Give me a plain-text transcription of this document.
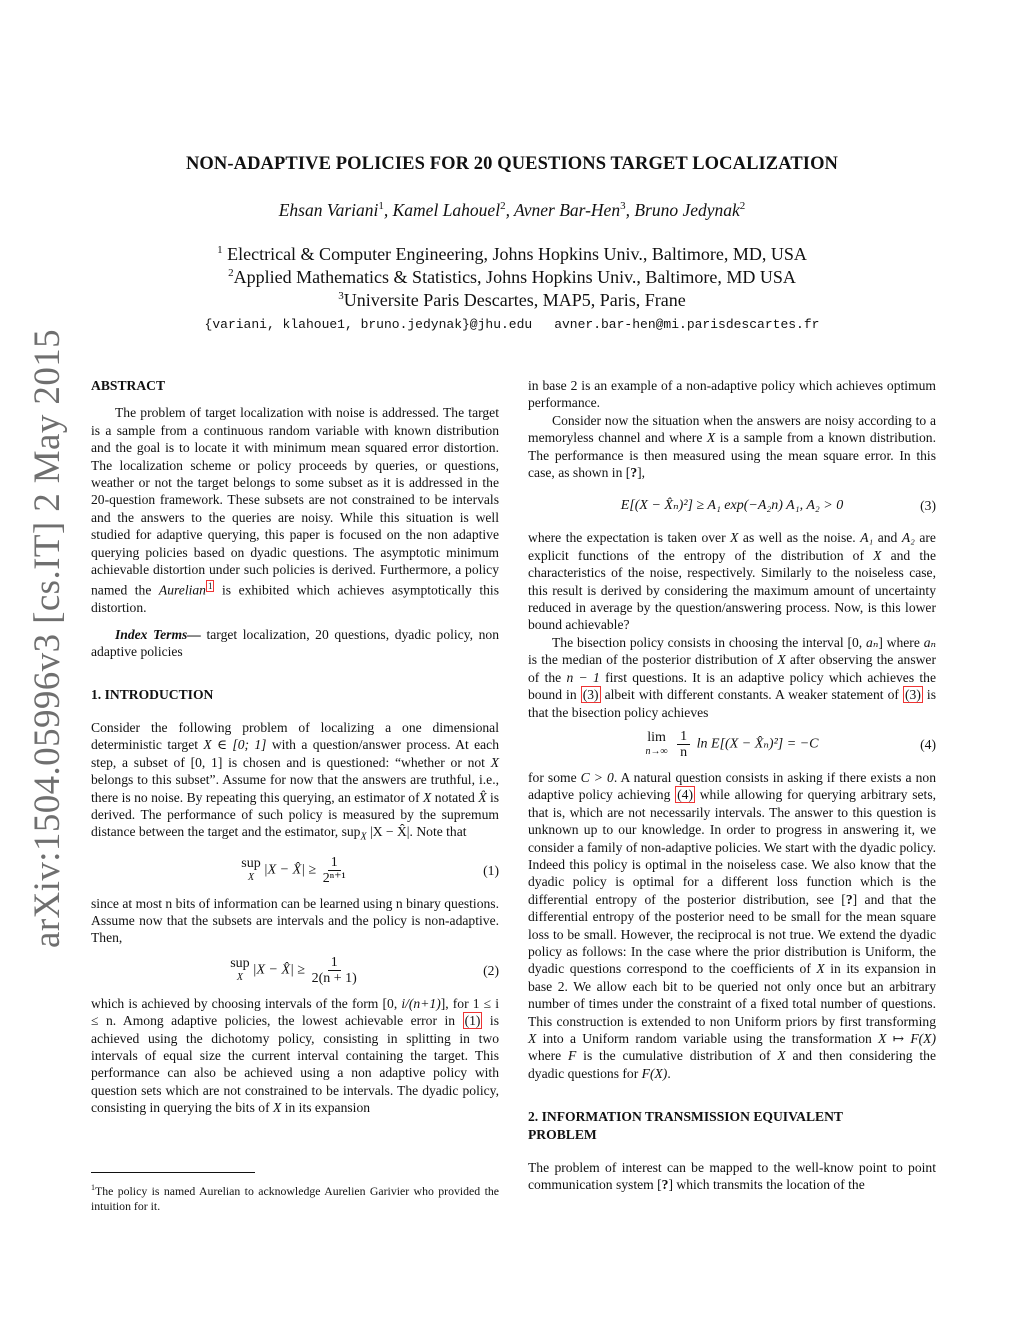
NON-ADAPTIVE POLICIES FOR 20 QUESTIONS TARGET LOCALIZATION
Ehsan Variani$^1$, Kamel Lahouel$^2$, Avner Bar-Hen$^3$, Bruno Jedynak$^2$
$^1$ Electrical & Computer Engineering, Johns Hopkins Univ., Baltimore, MD, USA
$^2$Applied Mathematics & Statistics, Johns Hopkins Univ., Baltimore, MD USA
$^3$Universite Paris Descartes, MAP5, Paris, Frane
{variani, klahoue1, bruno.jedynak}@jhu.edu avner.bar-hen@mi.parisdescartes.fr
arXiv:1504.05996v3 [cs.IT] 2 May 2015 ABSTRACT

The problem of target localization with noise is addressed. The target is a sample from a continuous random variable with known distribution and the goal is to locate it with minimum mean squared error distortion. The localization scheme or policy proceeds by queries, or questions, weather or not the target belongs to some subset as it is addressed in the 20-question framework. These subsets are not constrained to be intervals and the answers to the queries are noisy. While this situation is well studied for adaptive querying, this paper is focused on the non adaptive querying policies based on dyadic questions. The asymptotic minimum achievable distortion under such policies is derived. Furthermore, a policy named the Aurelian $^1$ is exhibited which achieves asymptotically this distortion.

Index Terms— target localization, 20 questions, dyadic policy, non adaptive policies

1. INTRODUCTION

Consider the following problem of localizing a one dimensional deterministic target X ∈ [0; 1] with a question/answer process. At each step, a subset of [0, 1] is chosen and is questioned: “whether or not X belongs to this subset”. Assume for now that the answers are truthful, i.e., there is no noise. By repeating this querying, an estimator of X notated X̂ is derived. The performance of such policy is measured by the supremum distance between the target and the estimator, sup$_X$ |X − X̂|. Note that

sup
X |X − X̂| ≥ $\frac{1}{\text{2ⁿ⁺¹}}$	(1)

since at most n bits of information can be learned using n binary questions. Assume now that the subsets are intervals and the policy is non-adaptive. Then,

sup
X |X − X̂| ≥ $\frac{1}{2(n + 1)}$	(2)

which is achieved by choosing intervals of the form [0, i/(n+1)], for 1 ≤ i ≤ n. Among adaptive policies, the lowest achievable error in (1) is achieved using the dichotomy policy, consisting in splitting in two intervals of equal size the current interval containing the target. This performance can also be achieved using a non adaptive policy with question sets which are not constrained to be intervals. The dyadic policy, consisting in querying the bits of X in its expansion

$^1$The policy is named Aurelian to acknowledge Aurelien Garivier who provided the intuition for it.

in base 2 is an example of a non-adaptive policy which achieves optimum performance.

Consider now the situation when the answers are noisy according to a memoryless channel and where X is a sample from a known distribution. The performance is then measured using the mean square error. In this case, as shown in [?],

E[(X − X̂ₙ)²] ≥ A₁ exp(−A₂n) A₁, A₂ > 0	(3)

where the expectation is taken over X as well as the noise. A₁ and A₂ are explicit functions of the entropy of the distribution of X and the characteristics of the noise, respectively. Similarly to the noiseless case, this result is derived by considering the maximum amount of uncertainty reduced in average by the question/answering process. Now, is this lower bound achievable?

The bisection policy consists in choosing the interval [0, aₙ] where aₙ is the median of the posterior distribution of X after observing the answer of the n − 1 first questions. It is an adaptive policy which achieves the bound in (3) albeit with different constants. A weaker statement of (3) is that the bisection policy achieves

lim
n→∞
$\frac{1}{n}$ ln E[(X − X̂ₙ)²] = −C	(4)

for some C > 0. A natural question consists in asking if there exists a non adaptive policy achieving (4) while allowing for querying arbitrary sets, that is, which are not necessarily intervals. The answer to this question is unknown up to our knowledge. In order to progress in answering it, we consider a family of non-adaptive policies. We start with the dyadic policy. Indeed this policy is optimal in the noiseless case. We also know that the dyadic policy is optimal for a different loss function which is the differential entropy of the posterior distribution, see [?] and that the differential entropy of the posterior need to be small for the mean square loss to be small. However, the reciprocal is not true. We extend the dyadic policy as follows: In the case where the prior distribution is Uniform, the dyadic questions correspond to the coefficients of X in its expansion in base 2. We allow each bit to be queried not only once but an arbitrary number of times under the constraint of a fixed total number of questions. This construction is extended to non Uniform priors by first transforming X into a Uniform random variable using the transformation X ↦ F(X) where F is the cumulative distribution of X and then considering the dyadic questions for F(X).

2. INFORMATION TRANSMISSION EQUIVALENT
PROBLEM

The problem of interest can be mapped to the well-know point to point communication system [?] which transmits the location of the
